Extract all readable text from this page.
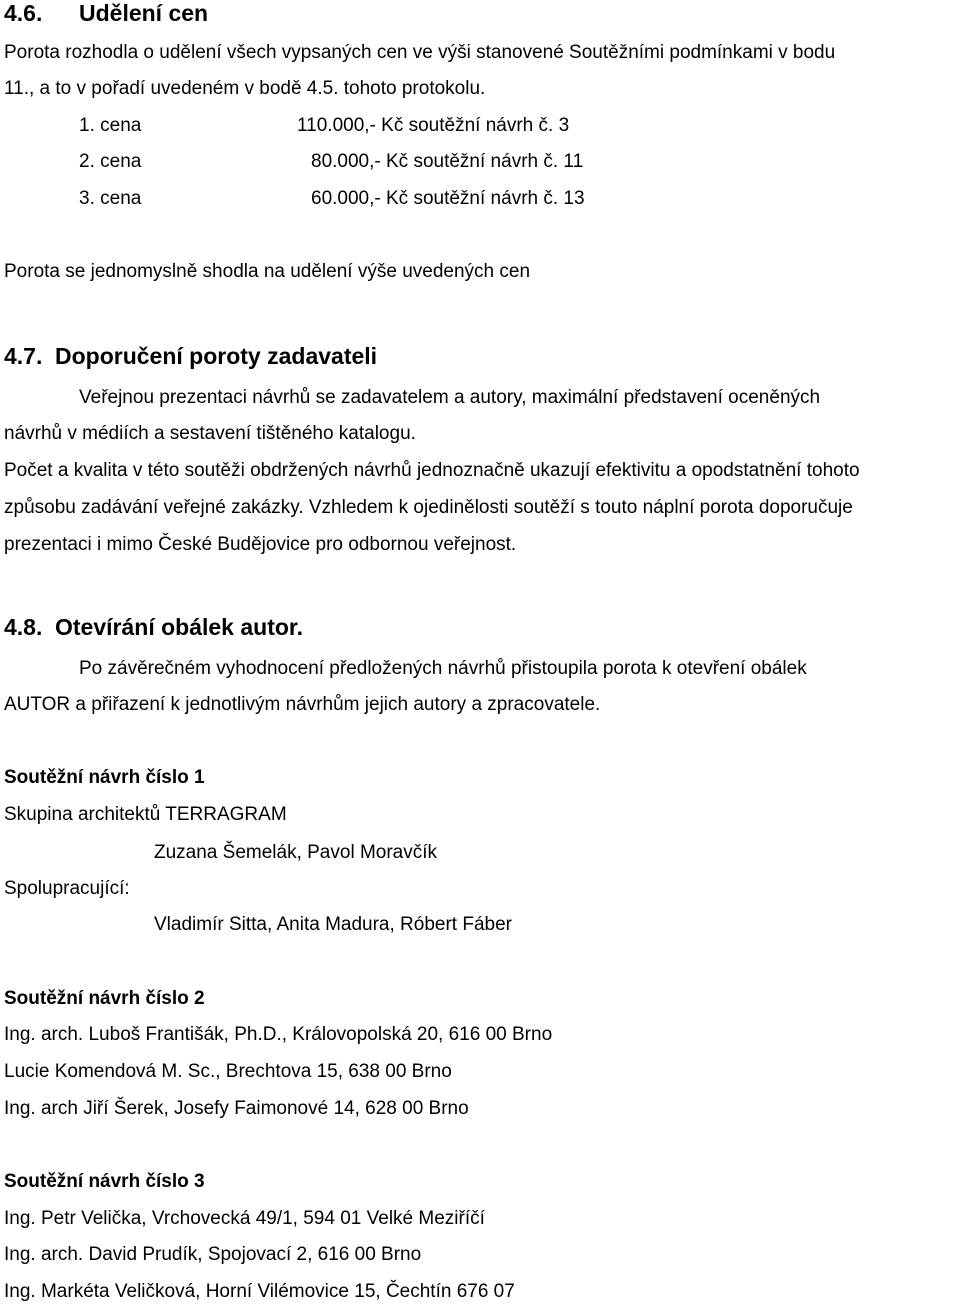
4.6. Udělení cen
Porota rozhodla o udělení všech vypsaných cen ve výši stanovené Soutěžními podmínkami v bodu
11., a to v pořadí uvedeném v bodě 4.5. tohoto protokolu.
1. cena	110.000,- Kč soutěžní návrh č. 3
2. cena	80.000,- Kč soutěžní návrh č. 11
3. cena	60.000,- Kč soutěžní návrh č. 13
Porota se jednomyslně shodla na udělení výše uvedených cen
4.7. Doporučení poroty zadavateli
Veřejnou prezentaci návrhů se zadavatelem a autory, maximální představení oceněných
návrhů v médiích a sestavení tištěného katalogu.
Počet a kvalita v této soutěži obdržených návrhů jednoznačně ukazují efektivitu a opodstatnění tohoto
způsobu zadávání veřejné zakázky. Vzhledem k ojedinělosti soutěží s touto náplní porota doporučuje
prezentaci i mimo České Budějovice pro odbornou veřejnost.
4.8. Otevírání obálek autor.
Po závěrečném vyhodnocení předložených návrhů přistoupila porota k otevření obálek
AUTOR a přiřazení k jednotlivým návrhům jejich autory a zpracovatele.
Soutěžní návrh číslo 1
Skupina architektů TERRAGRAM
Zuzana Šemelák, Pavol Moravčík
Spolupracující:
Vladimír Sitta, Anita Madura, Róbert Fáber
Soutěžní návrh číslo 2
Ing. arch. Luboš Františák, Ph.D., Královopolská 20, 616 00 Brno
Lucie Komendová M. Sc., Brechtova 15, 638 00 Brno
Ing. arch Jiří Šerek, Josefy Faimonové 14, 628 00 Brno
Soutěžní návrh číslo 3
Ing. Petr Velička, Vrchovecká 49/1, 594 01 Velké Meziříčí
Ing. arch. David Prudík, Spojovací 2, 616 00 Brno
Ing. Markéta Veličková, Horní Vilémovice 15, Čechtín 676 07
